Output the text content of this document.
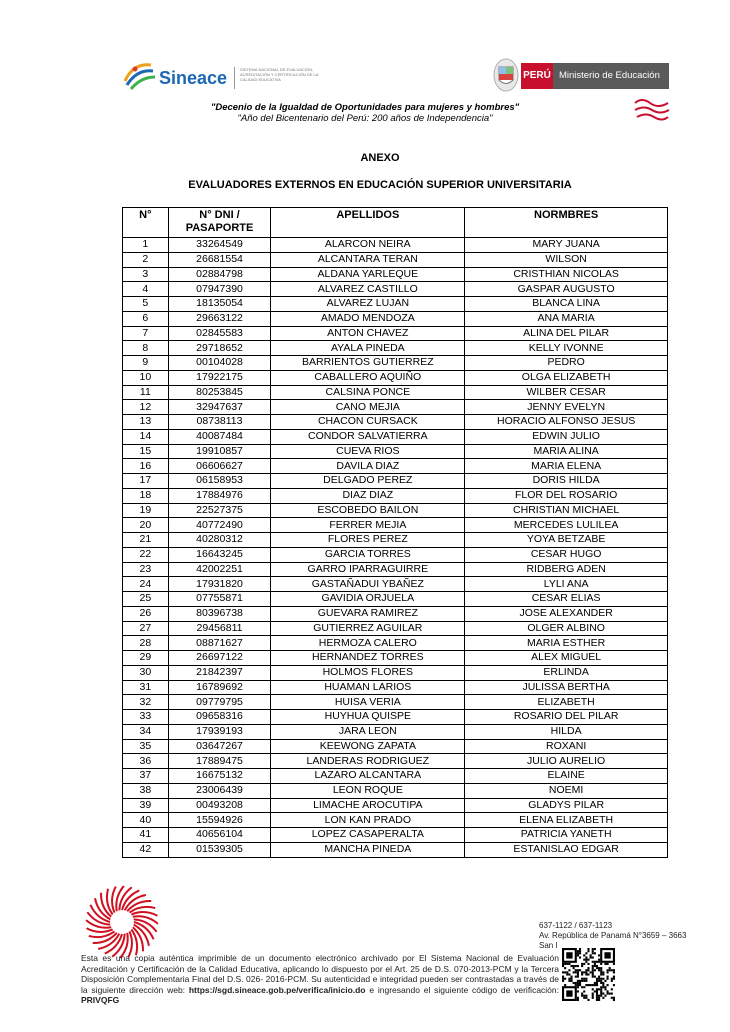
Sineace	SISTEMA NACIONAL DE EVALUACIÓN, ACREDITACIÓN Y CERTIFICACIÓN DE LA CALIDAD EDUCATIVA	PERÚ Ministerio de Educación
"Decenio de la Igualdad de Oportunidades para mujeres y hombres"
"Año del Bicentenario del Perú: 200 años de Independencia"
ANEXO
EVALUADORES EXTERNOS EN EDUCACIÓN SUPERIOR UNIVERSITARIA
N°	N° DNI /
PASAPORTE	APELLIDOS	NORMBRES
1	33264549	ALARCON NEIRA	MARY JUANA
2	26681554	ALCANTARA TERAN	WILSON
3	02884798	ALDANA YARLEQUE	CRISTHIAN NICOLAS
4	07947390	ALVAREZ CASTILLO	GASPAR AUGUSTO
5	18135054	ALVAREZ LUJAN	BLANCA LINA
6	29663122	AMADO MENDOZA	ANA MARIA
7	02845583	ANTON CHAVEZ	ALINA DEL PILAR
8	29718652	AYALA PINEDA	KELLY IVONNE
9	00104028	BARRIENTOS GUTIERREZ	PEDRO
10	17922175	CABALLERO AQUIÑO	OLGA ELIZABETH
11	80253845	CALSINA PONCE	WILBER CESAR
12	32947637	CANO MEJIA	JENNY EVELYN
13	08738113	CHACON CURSACK	HORACIO ALFONSO JESUS
14	40087484	CONDOR SALVATIERRA	EDWIN JULIO
15	19910857	CUEVA RIOS	MARIA ALINA
16	06606627	DAVILA DIAZ	MARIA ELENA
17	06158953	DELGADO PEREZ	DORIS HILDA
18	17884976	DIAZ DIAZ	FLOR DEL ROSARIO
19	22527375	ESCOBEDO BAILON	CHRISTIAN MICHAEL
20	40772490	FERRER MEJIA	MERCEDES LULILEA
21	40280312	FLORES PEREZ	YOYA BETZABE
22	16643245	GARCIA TORRES	CESAR HUGO
23	42002251	GARRO IPARRAGUIRRE	RIDBERG ADEN
24	17931820	GASTAÑADUI YBAÑEZ	LYLI ANA
25	07755871	GAVIDIA ORJUELA	CESAR ELIAS
26	80396738	GUEVARA RAMIREZ	JOSE ALEXANDER
27	29456811	GUTIERREZ AGUILAR	OLGER ALBINO
28	08871627	HERMOZA CALERO	MARIA ESTHER
29	26697122	HERNANDEZ TORRES	ALEX MIGUEL
30	21842397	HOLMOS FLORES	ERLINDA
31	16789692	HUAMAN LARIOS	JULISSA BERTHA
32	09779795	HUISA VERIA	ELIZABETH
33	09658316	HUYHUA QUISPE	ROSARIO DEL PILAR
34	17939193	JARA LEON	HILDA
35	03647267	KEEWONG ZAPATA	ROXANI
36	17889475	LANDERAS RODRIGUEZ	JULIO AURELIO
37	16675132	LAZARO ALCANTARA	ELAINE
38	23006439	LEON ROQUE	NOEMI
39	00493208	LIMACHE AROCUTIPA	GLADYS PILAR
40	15594926	LON KAN PRADO	ELENA ELIZABETH
41	40656104	LOPEZ CASAPERALTA	PATRICIA YANETH
42	01539305	MANCHA PINEDA	ESTANISLAO EDGAR
637-1122 / 637-1123
Av. República de Panamá N°3659 – 3663
San I
Esta es una copia auténtica imprimible de un documento electrónico archivado por El Sistema Nacional de Evaluación Acreditación y Certificación de la Calidad Educativa, aplicando lo dispuesto por el Art. 25 de D.S. 070-2013-PCM y la Tercera Disposición Complementaria Final del D.S. 026- 2016-PCM. Su autenticidad e integridad pueden ser contrastadas a través de la siguiente dirección web: https://sgd.sineace.gob.pe/verifica/inicio.do e ingresando el siguiente código de verificación: PRIVQFG
